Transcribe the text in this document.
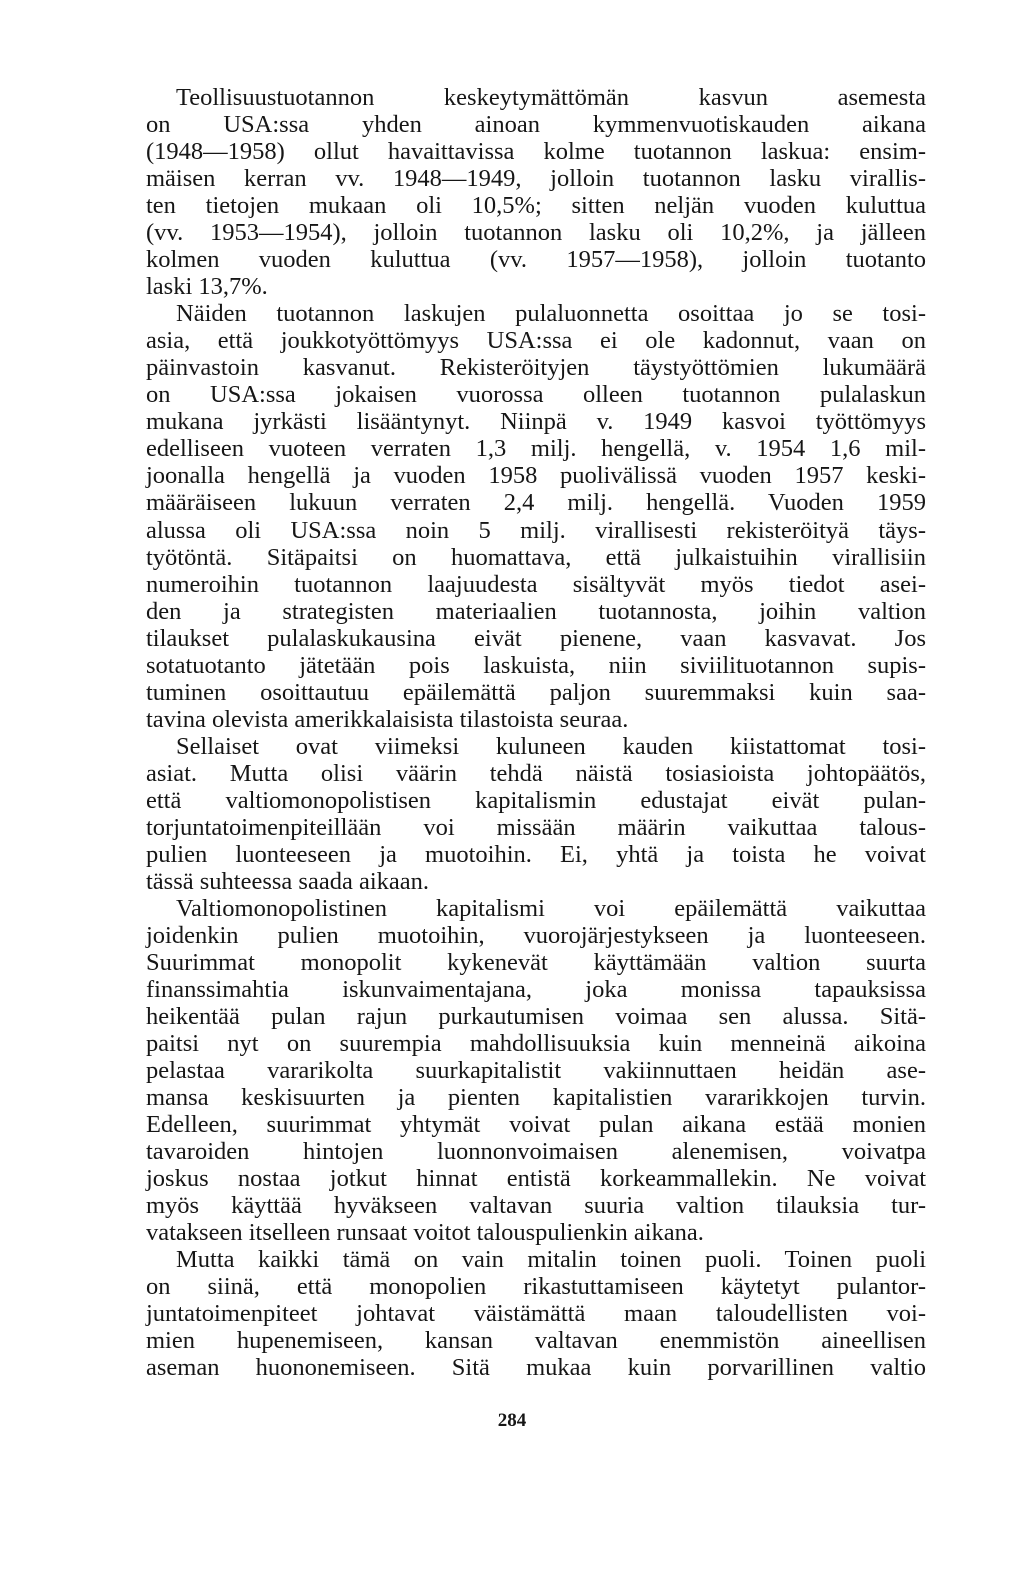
Teollisuustuotannon keskeytymättömän kasvun asemesta
on USA:ssa yhden ainoan kymmenvuotiskauden aikana
(1948—1958) ollut havaittavissa kolme tuotannon laskua: ensim-
mäisen kerran vv. 1948—1949, jolloin tuotannon lasku virallis-
ten tietojen mukaan oli 10,5%; sitten neljän vuoden kuluttua
(vv. 1953—1954), jolloin tuotannon lasku oli 10,2%, ja jälleen
kolmen vuoden kuluttua (vv. 1957—1958), jolloin tuotanto
laski 13,7%.
Näiden tuotannon laskujen pulaluonnetta osoittaa jo se tosi-
asia, että joukkotyöttömyys USA:ssa ei ole kadonnut, vaan on
päinvastoin kasvanut. Rekisteröityjen täystyöttömien lukumäärä
on USA:ssa jokaisen vuorossa olleen tuotannon pulalaskun
mukana jyrkästi lisääntynyt. Niinpä v. 1949 kasvoi työttömyys
edelliseen vuoteen verraten 1,3 milj. hengellä, v. 1954 1,6 mil-
joonalla hengellä ja vuoden 1958 puolivälissä vuoden 1957 keski-
määräiseen lukuun verraten 2,4 milj. hengellä. Vuoden 1959
alussa oli USA:ssa noin 5 milj. virallisesti rekisteröityä täys-
työtöntä. Sitäpaitsi on huomattava, että julkaistuihin virallisiin
numeroihin tuotannon laajuudesta sisältyvät myös tiedot asei-
den ja strategisten materiaalien tuotannosta, joihin valtion
tilaukset pulalaskukausina eivät pienene, vaan kasvavat. Jos
sotatuotanto jätetään pois laskuista, niin siviilituotannon supis-
tuminen osoittautuu epäilemättä paljon suuremmaksi kuin saa-
tavina olevista amerikkalaisista tilastoista seuraa.
Sellaiset ovat viimeksi kuluneen kauden kiistattomat tosi-
asiat. Mutta olisi väärin tehdä näistä tosiasioista johtopäätös,
että valtiomonopolistisen kapitalismin edustajat eivät pulan-
torjuntatoimenpiteillään voi missään määrin vaikuttaa talous-
pulien luonteeseen ja muotoihin. Ei, yhtä ja toista he voivat
tässä suhteessa saada aikaan.
Valtiomonopolistinen kapitalismi voi epäilemättä vaikuttaa
joidenkin pulien muotoihin, vuorojärjestykseen ja luonteeseen.
Suurimmat monopolit kykenevät käyttämään valtion suurta
finanssimahtia iskunvaimentajana, joka monissa tapauksissa
heikentää pulan rajun purkautumisen voimaa sen alussa. Sitä-
paitsi nyt on suurempia mahdollisuuksia kuin menneinä aikoina
pelastaa vararikolta suurkapitalistit vakiinnuttaen heidän ase-
mansa keskisuurten ja pienten kapitalistien vararikkojen turvin.
Edelleen, suurimmat yhtymät voivat pulan aikana estää monien
tavaroiden hintojen luonnonvoimaisen alenemisen, voivatpa
joskus nostaa jotkut hinnat entistä korkeammallekin. Ne voivat
myös käyttää hyväkseen valtavan suuria valtion tilauksia tur-
vatakseen itselleen runsaat voitot talouspulienkin aikana.
Mutta kaikki tämä on vain mitalin toinen puoli. Toinen puoli
on siinä, että monopolien rikastuttamiseen käytetyt pulantor-
juntatoimenpiteet johtavat väistämättä maan taloudellisten voi-
mien hupenemiseen, kansan valtavan enemmistön aineellisen
aseman huononemiseen. Sitä mukaa kuin porvarillinen valtio
284
